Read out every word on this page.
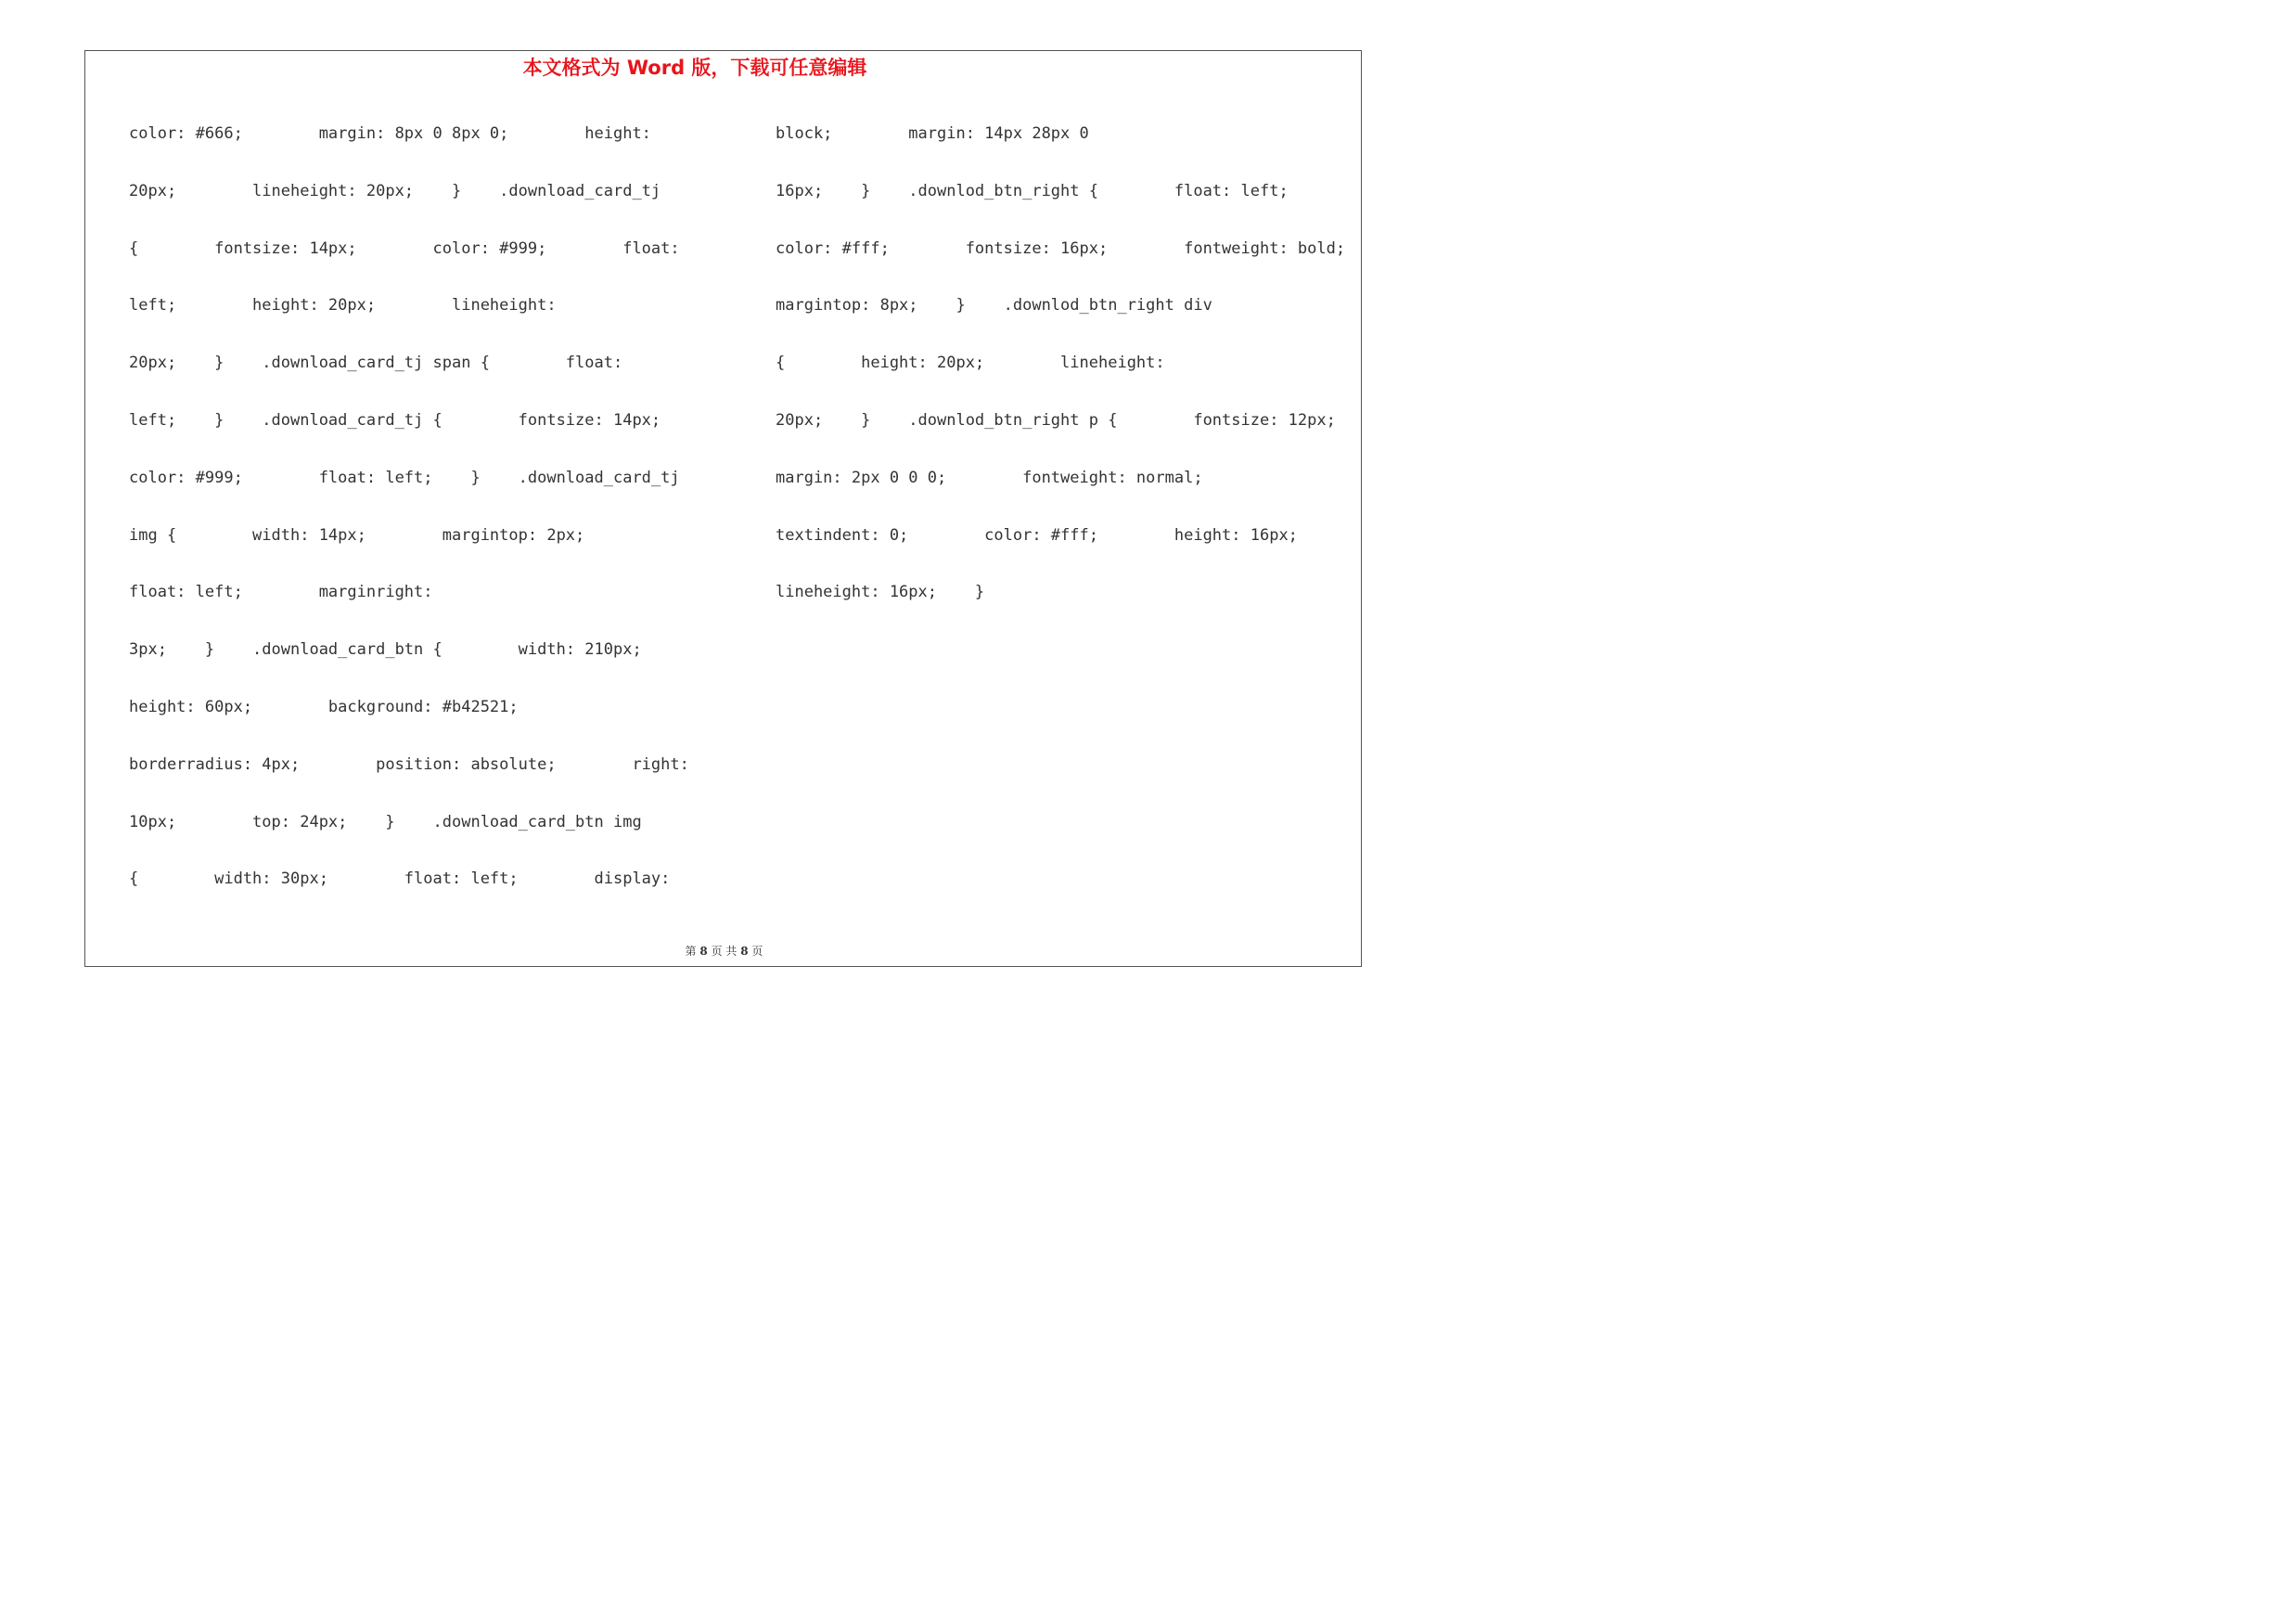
本文格式为 Word 版，下载可任意编辑
color: #666;        margin: 8px 0 8px 0;        height:
20px;        lineheight: 20px;    }    .download_card_tj
{        fontsize: 14px;        color: #999;        float:
left;        height: 20px;        lineheight:
20px;    }    .download_card_tj span {        float:
left;    }    .download_card_tj {        fontsize: 14px;
color: #999;        float: left;    }    .download_card_tj
img {        width: 14px;        margintop: 2px;
float: left;        marginright:
3px;    }    .download_card_btn {        width: 210px;
height: 60px;        background: #b42521;
borderradius: 4px;        position: absolute;        right:
10px;        top: 24px;    }    .download_card_btn img
{        width: 30px;        float: left;        display:
block;        margin: 14px 28px 0
16px;    }    .downlod_btn_right {        float: left;
color: #fff;        fontsize: 16px;        fontweight: bold;
margintop: 8px;    }    .downlod_btn_right div
{        height: 20px;        lineheight:
20px;    }    .downlod_btn_right p {        fontsize: 12px;
margin: 2px 0 0 0;        fontweight: normal;
textindent: 0;        color: #fff;        height: 16px;
lineheight: 16px;    }
第 8 页 共 8 页
